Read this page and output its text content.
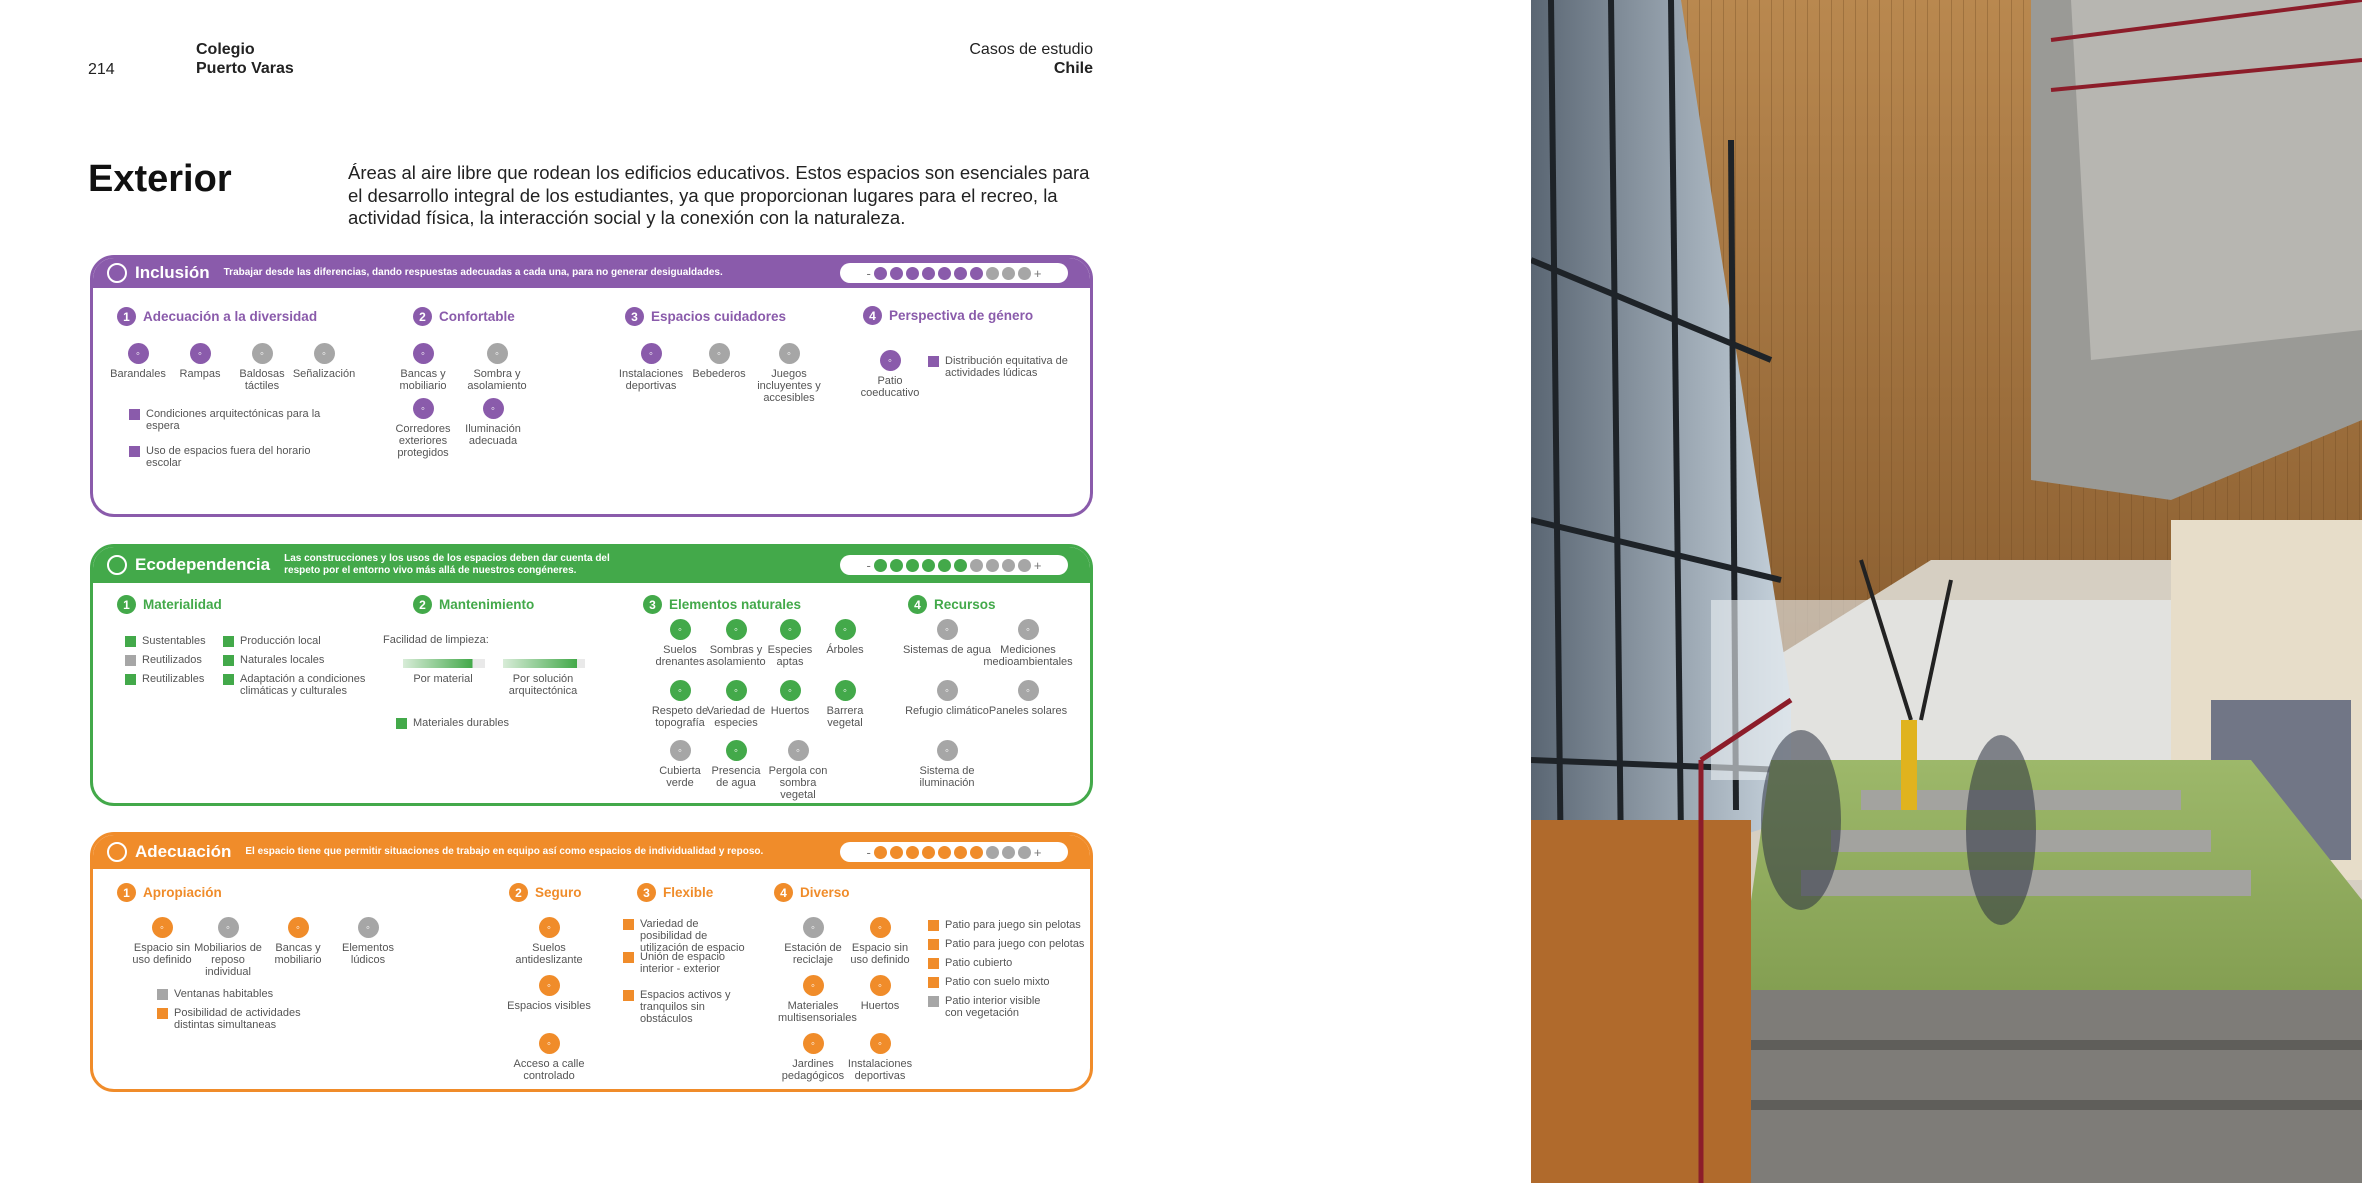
214
Colegio
Puerto Varas
Casos de estudio
Chile
Exterior	Áreas al aire libre que rodean los edificios educativos. Estos espacios son esenciales para el desarrollo integral de los estudiantes, ya que proporcionan lugares para el recreo, la actividad física, la interacción social y la conexión con la naturaleza.
Inclusión Trabajar desde las diferencias, dando respuestas adecuadas a cada una, para no generar desigualdades.	-	+
1 Adecuación a la diversidad	2 Confortable	3 Espacios cuidadores	4 Perspectiva de género
◦
Barandales
◦
Rampas
◦
Baldosas táctiles
◦
Señalización
◦
Bancas y mobiliario
◦
Sombra y asolamiento
◦
Corredores exteriores protegidos
◦
Iluminación adecuada
◦
Instalaciones deportivas
◦
Bebederos
◦
Juegos incluyentes y accesibles
◦
Patio coeducativo
Condiciones arquitectónicas para la espera
Uso de espacios fuera del horario escolar
Distribución equitativa de actividades lúdicas
Ecodependencia Las construcciones y los usos de los espacios deben dar cuenta del respeto por el entorno vivo más allá de nuestros congéneres.	-	+
1 Materialidad	2 Mantenimiento	3 Elementos naturales	4 Recursos
Sustentables
Reutilizados
Reutilizables
Producción local
Naturales locales
Adaptación a condiciones climáticas y culturales
Facilidad de limpieza:
Por material	Por solución arquitectónica
Materiales durables
◦
Suelos drenantes
◦
Sombras y asolamiento
◦
Especies aptas
◦
Árboles
◦
Respeto de topografía
◦
Variedad de especies
◦
Huertos
◦
Barrera vegetal
◦
Cubierta verde
◦
Presencia de agua
◦
Pergola con sombra vegetal
◦
Sistemas de agua
◦
Mediciones medioambientales
◦
Refugio climático
◦
Paneles solares
◦
Sistema de iluminación
Adecuación El espacio tiene que permitir situaciones de trabajo en equipo así como espacios de individualidad y reposo.	-	+
1 Apropiación	2 Seguro	3 Flexible	4 Diverso
◦
Espacio sin uso definido
◦
Mobiliarios de reposo individual
◦
Bancas y mobiliario
◦
Elementos lúdicos
Ventanas habitables
Posibilidad de actividades distintas simultaneas
◦
Suelos antideslizante
◦
Espacios visibles
◦
Acceso a calle controlado
Variedad de posibilidad de utilización de espacio
Unión de espacio interior - exterior
Espacios activos y tranquilos sin obstáculos
◦
Estación de reciclaje
◦
Espacio sin uso definido
◦
Materiales multisensoriales
◦
Huertos
◦
Jardines pedagógicos
◦
Instalaciones deportivas
Patio para juego sin pelotas
Patio para juego con pelotas
Patio cubierto
Patio con suelo mixto
Patio interior visible con vegetación
